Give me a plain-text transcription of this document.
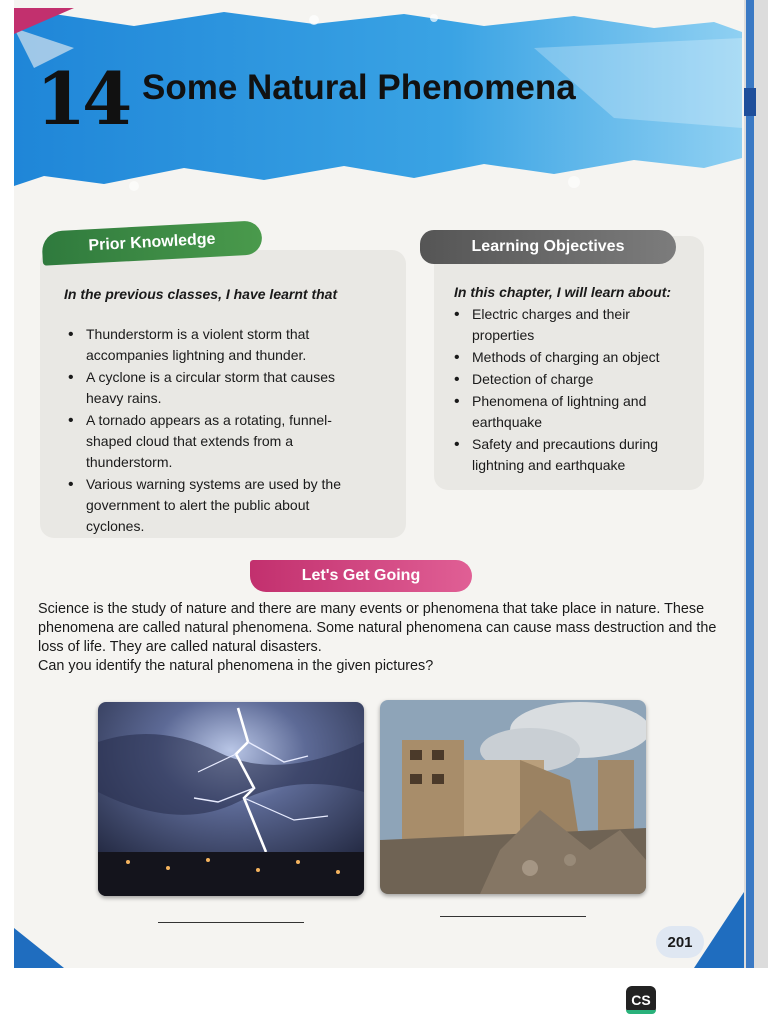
14 Some Natural Phenomena
Prior Knowledge
In the previous classes, I have learnt that
• Thunderstorm is a violent storm that accompanies lightning and thunder.
• A cyclone is a circular storm that causes heavy rains.
• A tornado appears as a rotating, funnel-shaped cloud that extends from a thunderstorm.
• Various warning systems are used by the government to alert the public about cyclones.
Learning Objectives
In this chapter, I will learn about:
• Electric charges and their properties
• Methods of charging an object
• Detection of charge
• Phenomena of lightning and earthquake
• Safety and precautions during lightning and earthquake
Let's Get Going

Science is the study of nature and there are many events or phenomena that take place in nature. These phenomena are called natural phenomena. Some natural phenomena can cause mass destruction and the loss of life. They are called natural disasters.

Can you identify the natural phenomena in the given pictures?

201
CS
